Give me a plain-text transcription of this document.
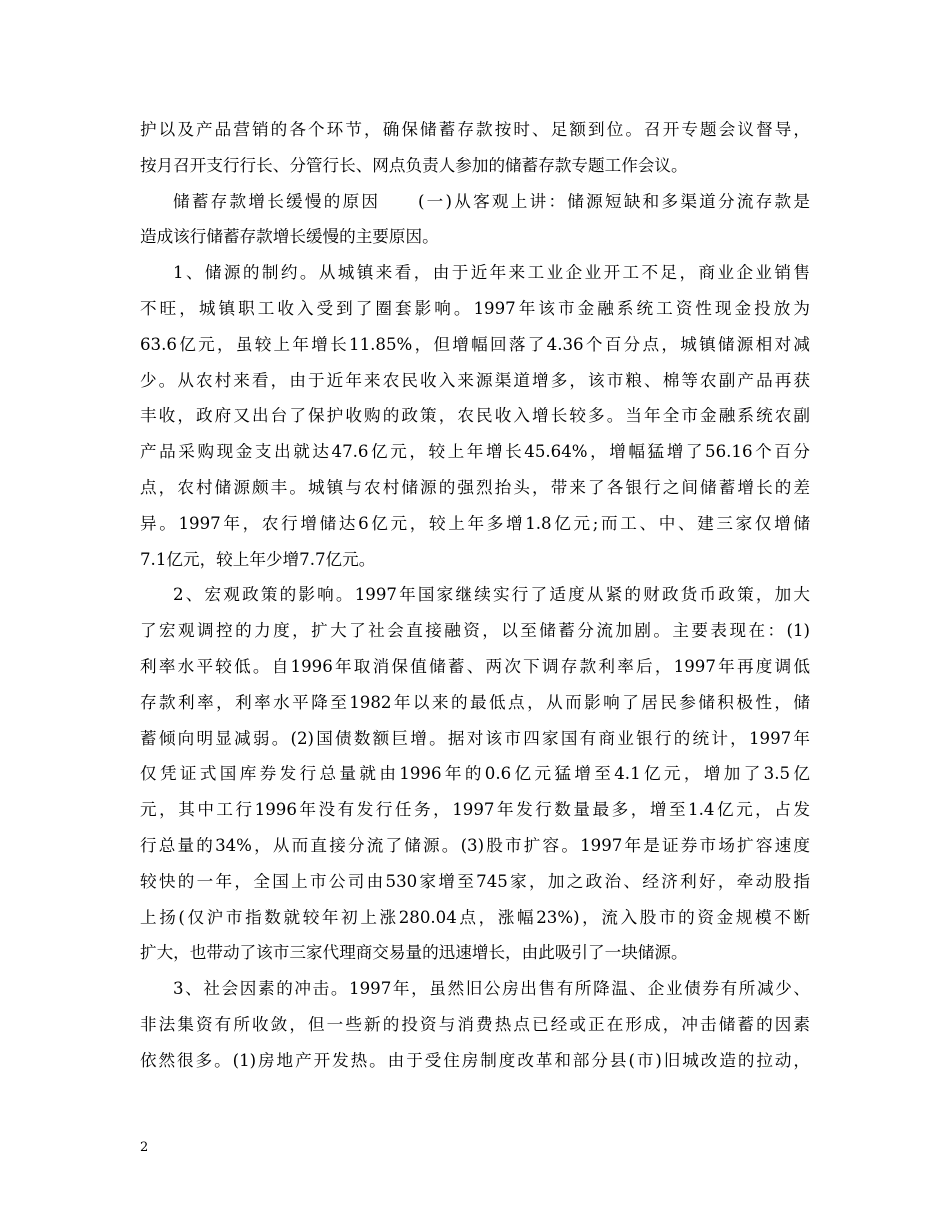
护以及产品营销的各个环节，确保储蓄存款按时、足额到位。召开专题会议督导，
按月召开支行行长、分管行长、网点负责人参加的储蓄存款专题工作会议。
储蓄存款增长缓慢的原因　　(一)从客观上讲：储源短缺和多渠道分流存款是
造成该行储蓄存款增长缓慢的主要原因。
1、储源的制约。从城镇来看，由于近年来工业企业开工不足，商业企业销售
不旺，城镇职工收入受到了圈套影响。1997年该市金融系统工资性现金投放为
63.6亿元，虽较上年增长11.85%，但增幅回落了4.36个百分点，城镇储源相对减
少。从农村来看，由于近年来农民收入来源渠道增多，该市粮、棉等农副产品再获
丰收，政府又出台了保护收购的政策，农民收入增长较多。当年全市金融系统农副
产品采购现金支出就达47.6亿元，较上年增长45.64%，增幅猛增了56.16个百分
点，农村储源颇丰。城镇与农村储源的强烈抬头，带来了各银行之间储蓄增长的差
异。1997年，农行增储达6亿元，较上年多增1.8亿元;而工、中、建三家仅增储
7.1亿元，较上年少增7.7亿元。
2、宏观政策的影响。1997年国家继续实行了适度从紧的财政货币政策，加大
了宏观调控的力度，扩大了社会直接融资，以至储蓄分流加剧。主要表现在：(1)
利率水平较低。自1996年取消保值储蓄、两次下调存款利率后，1997年再度调低
存款利率，利率水平降至1982年以来的最低点，从而影响了居民参储积极性，储
蓄倾向明显减弱。(2)国债数额巨增。据对该市四家国有商业银行的统计，1997年
仅凭证式国库券发行总量就由1996年的0.6亿元猛增至4.1亿元，增加了3.5亿
元，其中工行1996年没有发行任务，1997年发行数量最多，增至1.4亿元，占发
行总量的34%，从而直接分流了储源。(3)股市扩容。1997年是证券市场扩容速度
较快的一年，全国上市公司由530家增至745家，加之政治、经济利好，牵动股指
上扬(仅沪市指数就较年初上涨280.04点，涨幅23%)，流入股市的资金规模不断
扩大，也带动了该市三家代理商交易量的迅速增长，由此吸引了一块储源。
3、社会因素的冲击。1997年，虽然旧公房出售有所降温、企业债券有所减少、
非法集资有所收敛，但一些新的投资与消费热点已经或正在形成，冲击储蓄的因素
依然很多。(1)房地产开发热。由于受住房制度改革和部分县(市)旧城改造的拉动，
2
